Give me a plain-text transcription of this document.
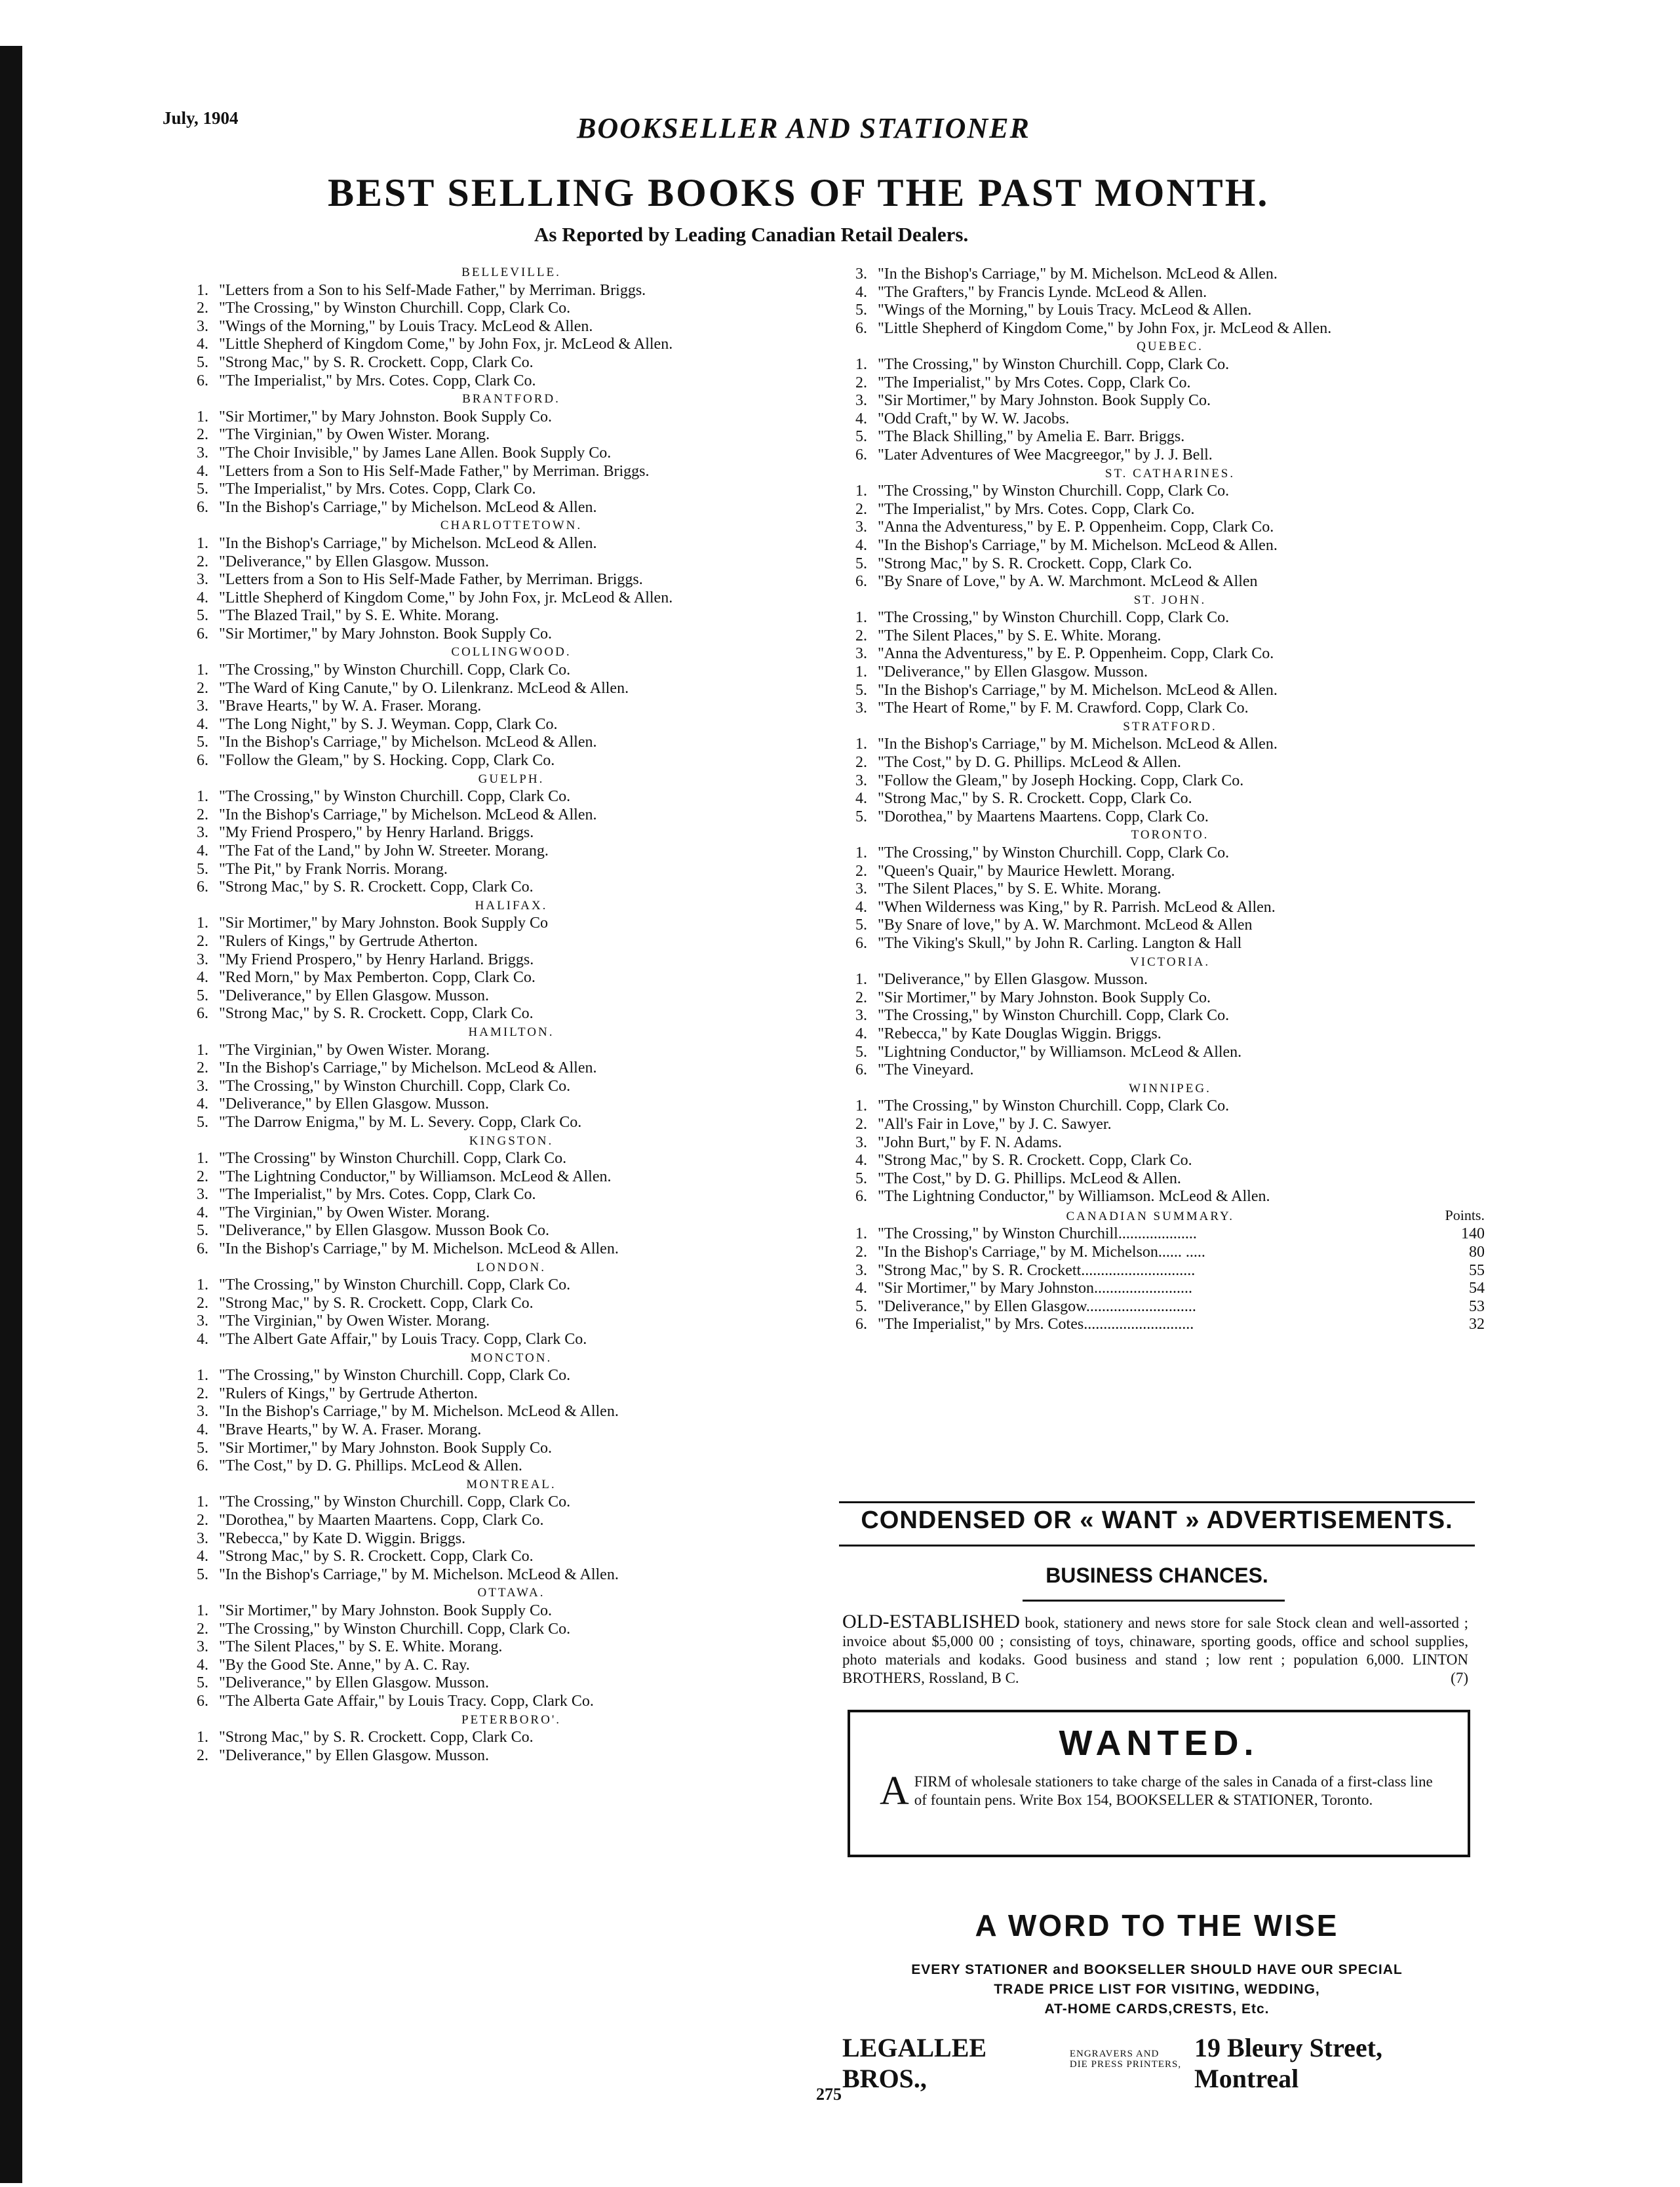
July, 1904	BOOKSELLER AND STATIONER
BEST SELLING BOOKS OF THE PAST MONTH.
As Reported by Leading Canadian Retail Dealers.
BELLEVILLE.
1. "Letters from a Son to his Self-Made Father," by Merriman. Briggs.
2. "The Crossing," by Winston Churchill. Copp, Clark Co.
3. "Wings of the Morning," by Louis Tracy. McLeod & Allen.
4. "Little Shepherd of Kingdom Come," by John Fox, jr. McLeod & Allen.
5. "Strong Mac," by S. R. Crockett. Copp, Clark Co.
6. "The Imperialist," by Mrs. Cotes. Copp, Clark Co.
BRANTFORD.
1. "Sir Mortimer," by Mary Johnston. Book Supply Co.
2. "The Virginian," by Owen Wister. Morang.
3. "The Choir Invisible," by James Lane Allen. Book Supply Co.
4. "Letters from a Son to His Self-Made Father," by Merriman. Briggs.
5. "The Imperialist," by Mrs. Cotes. Copp, Clark Co.
6. "In the Bishop's Carriage," by Michelson. McLeod & Allen.
CHARLOTTETOWN.
1. "In the Bishop's Carriage," by Michelson. McLeod & Allen.
2. "Deliverance," by Ellen Glasgow. Musson.
3. "Letters from a Son to His Self-Made Father, by Merriman. Briggs.
4. "Little Shepherd of Kingdom Come," by John Fox, jr. McLeod & Allen.
5. "The Blazed Trail," by S. E. White. Morang.
6. "Sir Mortimer," by Mary Johnston. Book Supply Co.
COLLINGWOOD.
1. "The Crossing," by Winston Churchill. Copp, Clark Co.
2. "The Ward of King Canute," by O. Lilenkranz. McLeod & Allen.
3. "Brave Hearts," by W. A. Fraser. Morang.
4. "The Long Night," by S. J. Weyman. Copp, Clark Co.
5. "In the Bishop's Carriage," by Michelson. McLeod & Allen.
6. "Follow the Gleam," by S. Hocking. Copp, Clark Co.
GUELPH.
1. "The Crossing," by Winston Churchill. Copp, Clark Co.
2. "In the Bishop's Carriage," by Michelson. McLeod & Allen.
3. "My Friend Prospero," by Henry Harland. Briggs.
4. "The Fat of the Land," by John W. Streeter. Morang.
5. "The Pit," by Frank Norris. Morang.
6. "Strong Mac," by S. R. Crockett. Copp, Clark Co.
HALIFAX.
1. "Sir Mortimer," by Mary Johnston. Book Supply Co
2. "Rulers of Kings," by Gertrude Atherton.
3. "My Friend Prospero," by Henry Harland. Briggs.
4. "Red Morn," by Max Pemberton. Copp, Clark Co.
5. "Deliverance," by Ellen Glasgow. Musson.
6. "Strong Mac," by S. R. Crockett. Copp, Clark Co.
HAMILTON.
1. "The Virginian," by Owen Wister. Morang.
2. "In the Bishop's Carriage," by Michelson. McLeod & Allen.
3. "The Crossing," by Winston Churchill. Copp, Clark Co.
4. "Deliverance," by Ellen Glasgow. Musson.
5. "The Darrow Enigma," by M. L. Severy. Copp, Clark Co.
KINGSTON.
1. "The Crossing" by Winston Churchill. Copp, Clark Co.
2. "The Lightning Conductor," by Williamson. McLeod & Allen.
3. "The Imperialist," by Mrs. Cotes. Copp, Clark Co.
4. "The Virginian," by Owen Wister. Morang.
5. "Deliverance," by Ellen Glasgow. Musson Book Co.
6. "In the Bishop's Carriage," by M. Michelson. McLeod & Allen.
LONDON.
1. "The Crossing," by Winston Churchill. Copp, Clark Co.
2. "Strong Mac," by S. R. Crockett. Copp, Clark Co.
3. "The Virginian," by Owen Wister. Morang.
4. "The Albert Gate Affair," by Louis Tracy. Copp, Clark Co.
MONCTON.
1. "The Crossing," by Winston Churchill. Copp, Clark Co.
2. "Rulers of Kings," by Gertrude Atherton.
3. "In the Bishop's Carriage," by M. Michelson. McLeod & Allen.
4. "Brave Hearts," by W. A. Fraser. Morang.
5. "Sir Mortimer," by Mary Johnston. Book Supply Co.
6. "The Cost," by D. G. Phillips. McLeod & Allen.
MONTREAL.
1. "The Crossing," by Winston Churchill. Copp, Clark Co.
2. "Dorothea," by Maarten Maartens. Copp, Clark Co.
3. "Rebecca," by Kate D. Wiggin. Briggs.
4. "Strong Mac," by S. R. Crockett. Copp, Clark Co.
5. "In the Bishop's Carriage," by M. Michelson. McLeod & Allen.
OTTAWA.
1. "Sir Mortimer," by Mary Johnston. Book Supply Co.
2. "The Crossing," by Winston Churchill. Copp, Clark Co.
3. "The Silent Places," by S. E. White. Morang.
4. "By the Good Ste. Anne," by A. C. Ray.
5. "Deliverance," by Ellen Glasgow. Musson.
6. "The Alberta Gate Affair," by Louis Tracy. Copp, Clark Co.
PETERBORO'.
1. "Strong Mac," by S. R. Crockett. Copp, Clark Co.
2. "Deliverance," by Ellen Glasgow. Musson.
3. "In the Bishop's Carriage," by M. Michelson. McLeod & Allen.
4. "The Grafters," by Francis Lynde. McLeod & Allen.
5. "Wings of the Morning," by Louis Tracy. McLeod & Allen.
6. "Little Shepherd of Kingdom Come," by John Fox, jr. McLeod & Allen.
QUEBEC.
1. "The Crossing," by Winston Churchill. Copp, Clark Co.
2. "The Imperialist," by Mrs Cotes. Copp, Clark Co.
3. "Sir Mortimer," by Mary Johnston. Book Supply Co.
4. "Odd Craft," by W. W. Jacobs.
5. "The Black Shilling," by Amelia E. Barr. Briggs.
6. "Later Adventures of Wee Macgreegor," by J. J. Bell.
ST. CATHARINES.
1. "The Crossing," by Winston Churchill. Copp, Clark Co.
2. "The Imperialist," by Mrs. Cotes. Copp, Clark Co.
3. "Anna the Adventuress," by E. P. Oppenheim. Copp, Clark Co.
4. "In the Bishop's Carriage," by M. Michelson. McLeod & Allen.
5. "Strong Mac," by S. R. Crockett. Copp, Clark Co.
6. "By Snare of Love," by A. W. Marchmont. McLeod & Allen
ST. JOHN.
1. "The Crossing," by Winston Churchill. Copp, Clark Co.
2. "The Silent Places," by S. E. White. Morang.
3. "Anna the Adventuress," by E. P. Oppenheim. Copp, Clark Co.
1. "Deliverance," by Ellen Glasgow. Musson.
5. "In the Bishop's Carriage," by M. Michelson. McLeod & Allen.
3. "The Heart of Rome," by F. M. Crawford. Copp, Clark Co.
STRATFORD.
1. "In the Bishop's Carriage," by M. Michelson. McLeod & Allen.
2. "The Cost," by D. G. Phillips. McLeod & Allen.
3. "Follow the Gleam," by Joseph Hocking. Copp, Clark Co.
4. "Strong Mac," by S. R. Crockett. Copp, Clark Co.
5. "Dorothea," by Maartens Maartens. Copp, Clark Co.
TORONTO.
1. "The Crossing," by Winston Churchill. Copp, Clark Co.
2. "Queen's Quair," by Maurice Hewlett. Morang.
3. "The Silent Places," by S. E. White. Morang.
4. "When Wilderness was King," by R. Parrish. McLeod & Allen.
5. "By Snare of love," by A. W. Marchmont. McLeod & Allen
6. "The Viking's Skull," by John R. Carling. Langton & Hall
VICTORIA.
1. "Deliverance," by Ellen Glasgow. Musson.
2. "Sir Mortimer," by Mary Johnston. Book Supply Co.
3. "The Crossing," by Winston Churchill. Copp, Clark Co.
4. "Rebecca," by Kate Douglas Wiggin. Briggs.
5. "Lightning Conductor," by Williamson. McLeod & Allen.
6. "The Vineyard.
WINNIPEG.
1. "The Crossing," by Winston Churchill. Copp, Clark Co.
2. "All's Fair in Love," by J. C. Sawyer.
3. "John Burt," by F. N. Adams.
4. "Strong Mac," by S. R. Crockett. Copp, Clark Co.
5. "The Cost," by D. G. Phillips. McLeod & Allen.
6. "The Lightning Conductor," by Williamson. McLeod & Allen.
CANADIAN SUMMARY.	Points.
1. "The Crossing," by Winston Churchill....................	140
2. "In the Bishop's Carriage," by M. Michelson...... .....	80
3. "Strong Mac," by S. R. Crockett.............................	55
4. "Sir Mortimer," by Mary Johnston.........................	54
5. "Deliverance," by Ellen Glasgow............................	53
6. "The Imperialist," by Mrs. Cotes............................	32
CONDENSED OR « WANT » ADVERTISEMENTS.
BUSINESS CHANCES.
OLD-ESTABLISHED book, stationery and news store for sale Stock clean and well-assorted ; invoice about $5,000 00 ; consisting of toys, chinaware, sporting goods, office and school supplies, photo materials and kodaks. Good business and stand ; low rent ; population 6,000. LINTON BROTHERS, Rossland, B C.	(7)
WANTED.
A FIRM of wholesale stationers to take charge of the sales in Canada of a first-class line of fountain pens. Write Box 154, BOOKSELLER & STATIONER, Toronto.
A WORD TO THE WISE
EVERY STATIONER and BOOKSELLER SHOULD HAVE OUR SPECIAL
TRADE PRICE LIST FOR VISITING, WEDDING,
AT-HOME CARDS,CRESTS, Etc.
LEGALLEE BROS.,
ENGRAVERS AND
DIE PRESS PRINTERS,
19 Bleury Street, Montreal
275
